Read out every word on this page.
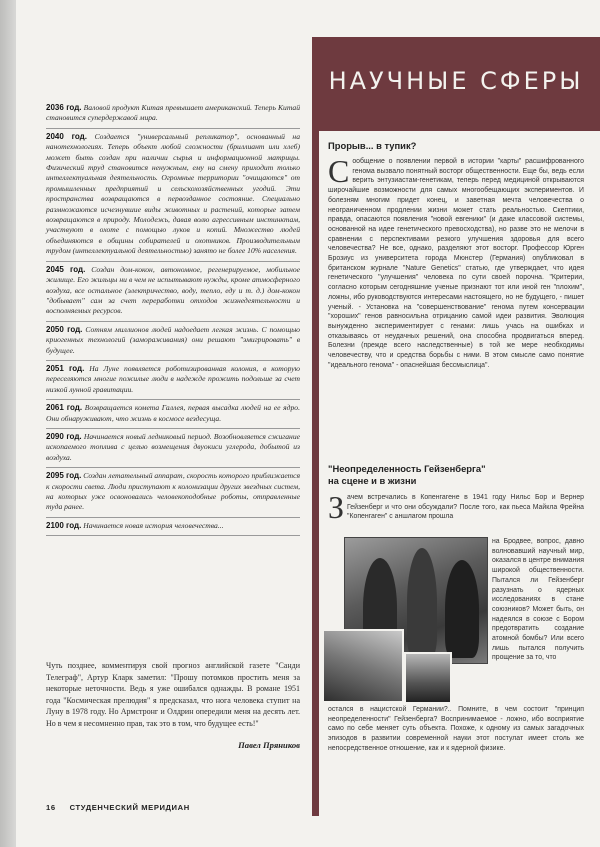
2036 год. Валовой продукт Китая превышает американский. Теперь Китай становится супердержавой мира.

2040 год. Создается "универсальный репликатор", основанный на нанотехнологиях. Теперь объект любой сложности (бриллиант или хлеб) может быть создан при наличии сырья и информационной матрицы. Физический труд становится ненужным, ему на смену приходит только интеллектуальная деятельность. Огромные территории "очищаются" от промышленных предприятий и сельскохозяйственных угодий. Эти пространства возвращаются в первозданное состояние. Специально размножаются исчезнувшие виды животных и растений, которые затем возвращаются в природу. Молодежь, давая волю агрессивным инстинктам, участвуют в охоте с помощью луков и копий. Множество людей объединяются в общины собирателей и охотников. Производительным трудом (интеллектуальной деятельностью) занято не более 10% населения.

2045 год. Создан дом-кокон, автономное, регенерируемое, мобильное жилище. Его жильцы ни в чем не испытывают нужды, кроме атмосферного воздуха, все остальное (электричество, воду, тепло, еду и т. д.) дом-кокон "добывает" сам за счет переработки отходов жизнедеятельности и восполняемых ресурсов.

2050 год. Сотням миллионов людей надоедает легкая жизнь. С помощью криогенных технологий (замораживания) они решают "эмигрировать" в будущее.

2051 год. На Луне появляется роботизированная колония, в которую переселяются многие пожилые люди в надежде прожить подольше за счет низкой лунной гравитации.

2061 год. Возвращается комета Галлея, первая высадка людей на ее ядро. Они обнаруживают, что жизнь в космосе вездесуща.

2090 год. Начинается новый ледниковый период. Возобновляется сжигание ископаемого топлива с целью возмещения двуокиси углерода, добытой из воздуха.

2095 год. Создан летательный аппарат, скорость которого приближается к скорости света. Люди приступают к колонизации других звездных систем, на которых уже освоновались человекоподобные роботы, отправленные туда ранее.

2100 год. Начинается новая история человечества...

Чуть позднее, комментируя свой прогноз английской газете "Санди Телеграф", Артур Кларк заметил: "Прошу потомков простить меня за некоторые неточности. Ведь я уже ошибался однажды. В романе 1951 года "Космическая прелюдия" я предсказал, что нога человека ступит на Луну в 1978 году. Но Армстронг и Олдрин опередили меня на десять лет. Но в чем я несомненно прав, так это в том, что будущее есть!"

Павел Пряников
16 СТУДЕНЧЕСКИЙ МЕРИДИАН
НАУЧНЫЕ СФЕРЫ
Прорыв... в тупик?

Сообщение о появлении первой в истории "карты" расшифрованного генома вызвало понятный восторг общественности. Еще бы, ведь если верить энтузиастам-генетикам, теперь перед медициной открываются широчайшие возможности для самых многообещающих экспериментов. И болезням многим придет конец, и заветная мечта человечества о неограниченном продлении жизни может стать реальностью. Скептики, правда, опасаются появления "новой евгеники" (и даже классовой системы, основанной на идее генетического превосходства), но разве это не мелочи в сравнении с перспективами резкого улучшения здоровья для всего человечества? Не все, однако, разделяют этот восторг. Профессор Юрген Брозиус из университета города Мюнстер (Германия) опубликовал в британском журнале "Nature Genetics" статью, где утверждает, что идея генетического "улучшения" человека по сути своей порочна. "Критерии, согласно которым сегодняшние ученые признают тот или иной ген "плохим", ложны, ибо руководствуются интересами настоящего, но не будущего, - пишет ученый. - Установка на "совершенствование" генома путем консервации "хороших" генов равносильна отрицанию самой идеи развития. Эволюция вынужденно экспериментирует с генами: лишь учась на ошибках и отказываясь от неудачных решений, она способна продвигаться вперед. Болезни (прежде всего наследственные) в той же мере необходимы человечеству, что и средства борьбы с ними. В этом смысле само понятие "идеального генома" - опаснейшая бессмыслица".

"Неопределенность Гейзенберга"
на сцене и в жизни

Зачем встречались в Копенгагене в 1941 году Нильс Бор и Вернер Гейзенберг и что они обсуждали? После того, как пьеса Майкла Фрейна "Копенгаген" с аншлагом прошла

на Бродвее, вопрос, давно волновавший научный мир, оказался в центре внимания широкой общественности. Пытался ли Гейзенберг разузнать о ядерных исследованиях в стане союзников? Может быть, он надеялся в союзе с Бором предотвратить создание атомной бомбы? Или всего лишь пытался получить прощение за то, что

остался в нацистской Германии?.. Помните, в чем состоит "принцип неопределенности" Гейзенберга? Воспринимаемое - ложно, ибо восприятие само по себе меняет суть объекта. Похоже, к одному из самых загадочных эпизодов в развитии современной науки этот постулат имеет столь же непосредственное отношение, как и к ядерной физике.
